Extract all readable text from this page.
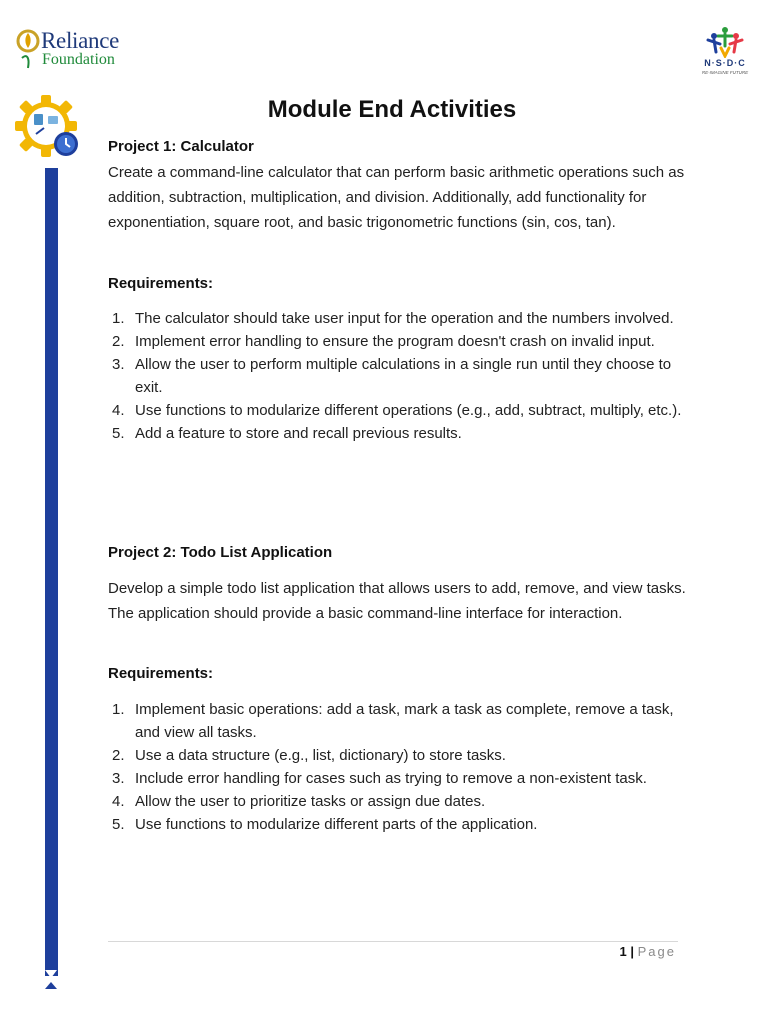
Reliance
Foundation	N·S·D·C
RE-IMAGINE FUTURE
Module End Activities
Project 1: Calculator
Create a command-line calculator that can perform basic arithmetic operations such as addition, subtraction, multiplication, and division. Additionally, add functionality for exponentiation, square root, and basic trigonometric functions (sin, cos, tan).
Requirements:
1. The calculator should take user input for the operation and the numbers involved.
2. Implement error handling to ensure the program doesn't crash on invalid input.
3. Allow the user to perform multiple calculations in a single run until they choose to exit.
4. Use functions to modularize different operations (e.g., add, subtract, multiply, etc.).
5. Add a feature to store and recall previous results.
Project 2: Todo List Application
Develop a simple todo list application that allows users to add, remove, and view tasks. The application should provide a basic command-line interface for interaction.
Requirements:
1. Implement basic operations: add a task, mark a task as complete, remove a task, and view all tasks.
2. Use a data structure (e.g., list, dictionary) to store tasks.
3. Include error handling for cases such as trying to remove a non-existent task.
4. Allow the user to prioritize tasks or assign due dates.
5. Use functions to modularize different parts of the application.
1 | Page
